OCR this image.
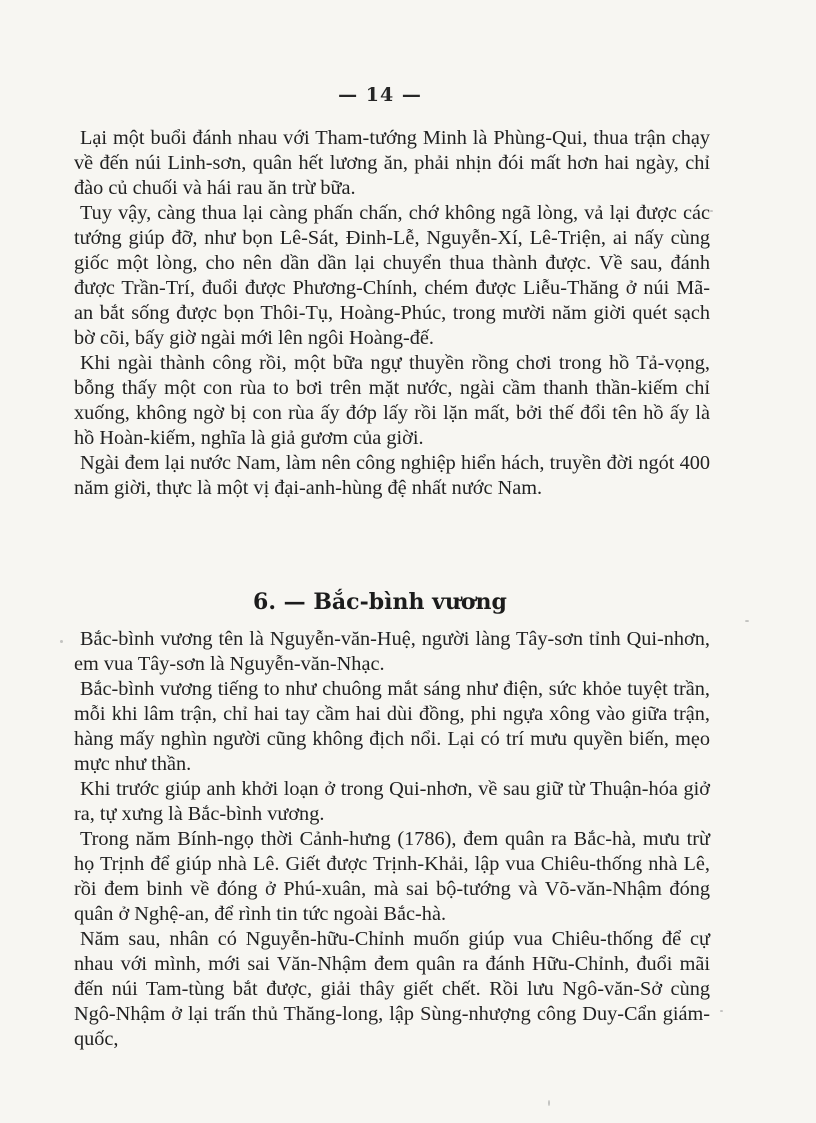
— 14 —

Lại một buổi đánh nhau với Tham-tướng Minh là Phùng-Qui, thua trận chạy về đến núi Linh-sơn, quân hết lương ăn, phải nhịn đói mất hơn hai ngày, chỉ đào củ chuối và hái rau ăn trừ bữa.

Tuy vậy, càng thua lại càng phấn chấn, chớ không ngã lòng, vả lại được các tướng giúp đỡ, như bọn Lê-Sát, Đinh-Lễ, Nguyễn-Xí, Lê-Triện, ai nấy cùng giốc một lòng, cho nên dần dần lại chuyển thua thành được. Về sau, đánh được Trần-Trí, đuổi được Phương-Chính, chém được Liễu-Thăng ở núi Mã-an bắt sống được bọn Thôi-Tụ, Hoàng-Phúc, trong mười năm giời quét sạch bờ cõi, bấy giờ ngài mới lên ngôi Hoàng-đế.

Khi ngài thành công rồi, một bữa ngự thuyền rồng chơi trong hồ Tả-vọng, bỗng thấy một con rùa to bơi trên mặt nước, ngài cầm thanh thần-kiếm chỉ xuống, không ngờ bị con rùa ấy đớp lấy rồi lặn mất, bởi thế đổi tên hồ ấy là hồ Hoàn-kiếm, nghĩa là giả gươm của giời.

Ngài đem lại nước Nam, làm nên công nghiệp hiển hách, truyền đời ngót 400 năm giời, thực là một vị đại-anh-hùng đệ nhất nước Nam.

6. — Bắc-bình vương

Bắc-bình vương tên là Nguyễn-văn-Huệ, người làng Tây-sơn tỉnh Qui-nhơn, em vua Tây-sơn là Nguyễn-văn-Nhạc.

Bắc-bình vương tiếng to như chuông mắt sáng như điện, sức khỏe tuyệt trần, mỗi khi lâm trận, chỉ hai tay cầm hai dùi đồng, phi ngựa xông vào giữa trận, hàng mấy nghìn người cũng không địch nổi. Lại có trí mưu quyền biến, mẹo mực như thần.

Khi trước giúp anh khởi loạn ở trong Qui-nhơn, về sau giữ từ Thuận-hóa giở ra, tự xưng là Bắc-bình vương.

Trong năm Bính-ngọ thời Cảnh-hưng (1786), đem quân ra Bắc-hà, mưu trừ họ Trịnh để giúp nhà Lê. Giết được Trịnh-Khải, lập vua Chiêu-thống nhà Lê, rồi đem binh về đóng ở Phú-xuân, mà sai bộ-tướng và Võ-văn-Nhậm đóng quân ở Nghệ-an, để rình tin tức ngoài Bắc-hà.

Năm sau, nhân có Nguyễn-hữu-Chỉnh muốn giúp vua Chiêu-thống để cự nhau với mình, mới sai Văn-Nhậm đem quân ra đánh Hữu-Chỉnh, đuổi mãi đến núi Tam-tùng bắt được, giải thây giết chết. Rồi lưu Ngô-văn-Sở cùng Ngô-Nhậm ở lại trấn thủ Thăng-long, lập Sùng-nhượng công Duy-Cẩn giám-quốc,
